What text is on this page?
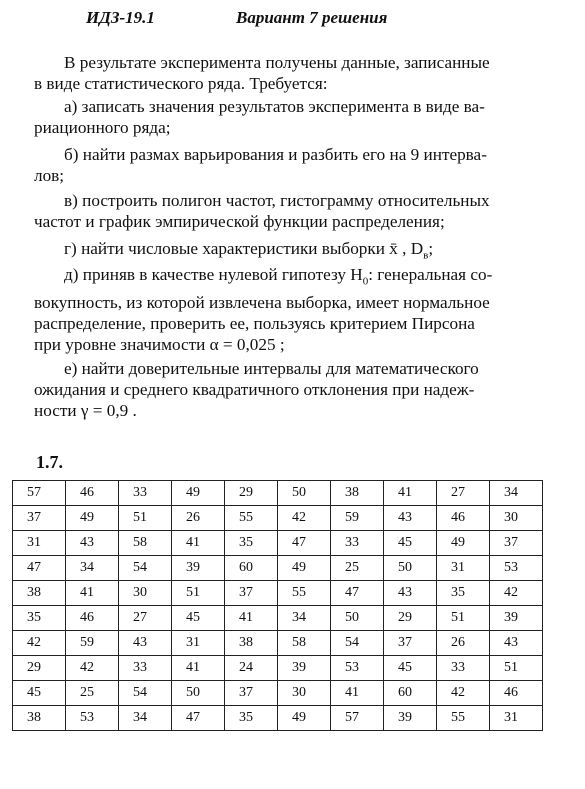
ИДЗ-19.1	Вариант 7 решения
В результате эксперимента получены данные, записанные
в виде статистического ряда. Требуется:
а) записать значения результатов эксперимента в виде ва-
риационного ряда;
б) найти размах варьирования и разбить его на 9 интерва-
лов;
в) построить полигон частот, гистограмму относительных
частот и график эмпирической функции распределения;
г) найти числовые характеристики выборки x̄ , $D_в$;
д) приняв в качестве нулевой гипотезу $H_0$: генеральная со-
вокупность, из которой извлечена выборка, имеет нормальное
распределение, проверить ее, пользуясь критерием Пирсона
при уровне значимости α = 0,025 ;
е) найти доверительные интервалы для математического
ожидания и среднего квадратичного отклонения при надеж-
ности γ = 0,9 .
1.7.
57	46	33	49	29	50	38	41	27	34
37	49	51	26	55	42	59	43	46	30
31	43	58	41	35	47	33	45	49	37
47	34	54	39	60	49	25	50	31	53
38	41	30	51	37	55	47	43	35	42
35	46	27	45	41	34	50	29	51	39
42	59	43	31	38	58	54	37	26	43
29	42	33	41	24	39	53	45	33	51
45	25	54	50	37	30	41	60	42	46
38	53	34	47	35	49	57	39	55	31
